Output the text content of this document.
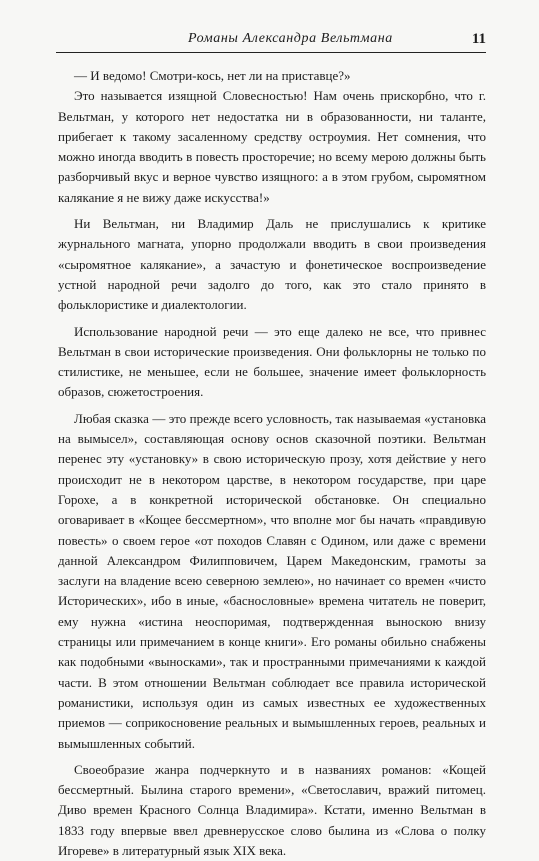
Романы Александра Вельтмана	11

— И ведомо! Смотри-кось, нет ли на приставце?»

Это называется изящной Словесностью! Нам очень прискорбно, что г. Вельтман, у которого нет недостатка ни в образованности, ни таланте, прибегает к такому засаленному средству остроумия. Нет сомнения, что можно иногда вводить в повесть просторечие; но всему мерою должны быть разборчивый вкус и верное чувство изящного: а в этом грубом, сыромятном калякание я не вижу даже искусства!»

Ни Вельтман, ни Владимир Даль не прислушались к критике журнального магната, упорно продолжали вводить в свои произведения «сыромятное калякание», а зачастую и фонетическое воспроизведение устной народной речи задолго до того, как это стало принято в фольклористике и диалектологии.

Использование народной речи — это еще далеко не все, что привнес Вельтман в свои исторические произведения. Они фольклорны не только по стилистике, не меньшее, если не большее, значение имеет фольклорность образов, сюжетостроения.

Любая сказка — это прежде всего условность, так называемая «установка на вымысел», составляющая основу основ сказочной поэтики. Вельтман перенес эту «установку» в свою историческую прозу, хотя действие у него происходит не в некотором царстве, в некотором государстве, при царе Горохе, а в конкретной исторической обстановке. Он специально оговаривает в «Кощее бессмертном», что вполне мог бы начать «правдивую повесть» о своем герое «от походов Славян с Одином, или даже с времени данной Александром Филипповичем, Царем Македонским, грамоты за заслуги на владение всею северною землею», но начинает со времен «чисто Исторических», ибо в иные, «баснословные» времена читатель не поверит, ему нужна «истина неоспоримая, подтвержденная выноскою внизу страницы или примечанием в конце книги». Его романы обильно снабжены как подобными «выносками», так и пространными примечаниями к каждой части. В этом отношении Вельтман соблюдает все правила исторической романистики, используя один из самых известных ее художественных приемов — соприкосновение реальных и вымышленных героев, реальных и вымышленных событий.

Своеобразие жанра подчеркнуто и в названиях романов: «Кощей бессмертный. Былина старого времени», «Светославич, вражий питомец. Диво времен Красного Солнца Владимира». Кстати, именно Вельтман в 1833 году впервые ввел древнерусское слово былина из «Слова о полку Игореве» в литературный язык XIX века.
